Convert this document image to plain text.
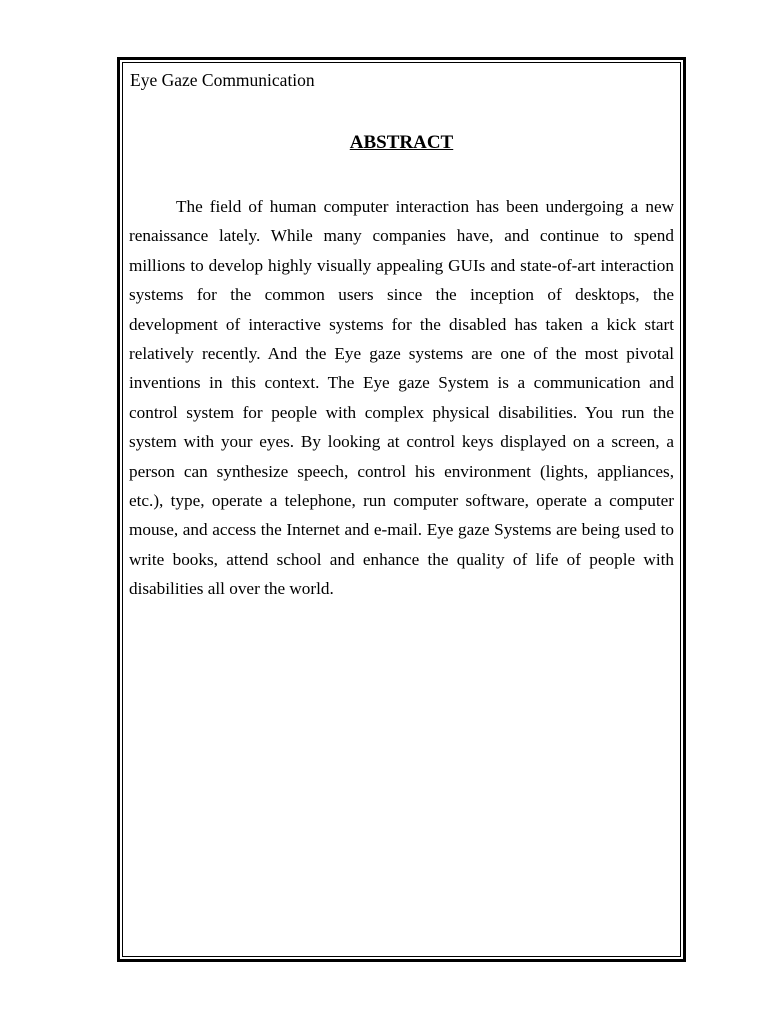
Eye Gaze Communication
ABSTRACT

The field of human computer interaction has been undergoing a new renaissance lately. While many companies have, and continue to spend millions to develop highly visually appealing GUIs and state-of-art interaction systems for the common users since the inception of desktops, the development of interactive systems for the disabled has taken a kick start relatively recently. And the Eye gaze systems are one of the most pivotal inventions in this context. The Eye gaze System is a communication and control system for people with complex physical disabilities. You run the system with your eyes. By looking at control keys displayed on a screen, a person can synthesize speech, control his environment (lights, appliances, etc.), type, operate a telephone, run computer software, operate a computer mouse, and access the Internet and e-mail. Eye gaze Systems are being used to write books, attend school and enhance the quality of life of people with disabilities all over the world.
